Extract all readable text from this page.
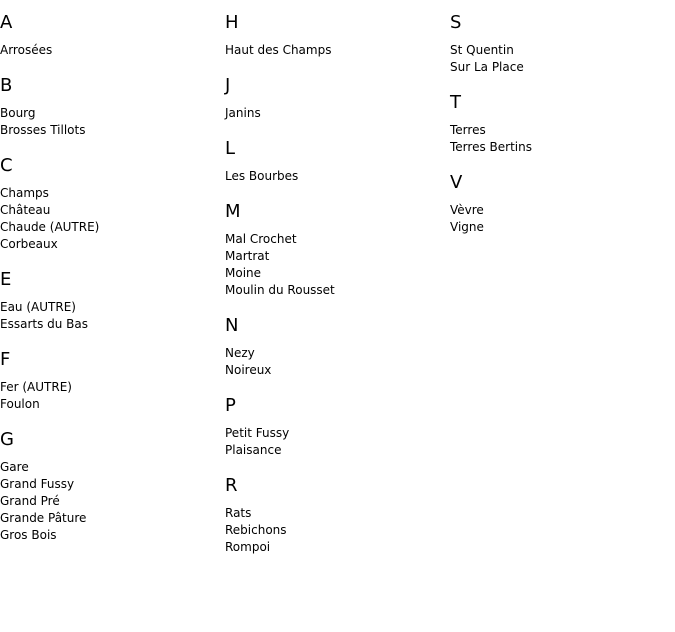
A
Arrosées
B
Bourg
Brosses Tillots
C
Champs
Château
Chaude (AUTRE)
Corbeaux
E
Eau (AUTRE)
Essarts du Bas
F
Fer (AUTRE)
Foulon
G
Gare
Grand Fussy
Grand Pré
Grande Pâture
Gros Bois
H
Haut des Champs
J
Janins
L
Les Bourbes
M
Mal Crochet
Martrat
Moine
Moulin du Rousset
N
Nezy
Noireux
P
Petit Fussy
Plaisance
R
Rats
Rebichons
Rompoi
S
St Quentin
Sur La Place
T
Terres
Terres Bertins
V
Vèvre
Vigne
